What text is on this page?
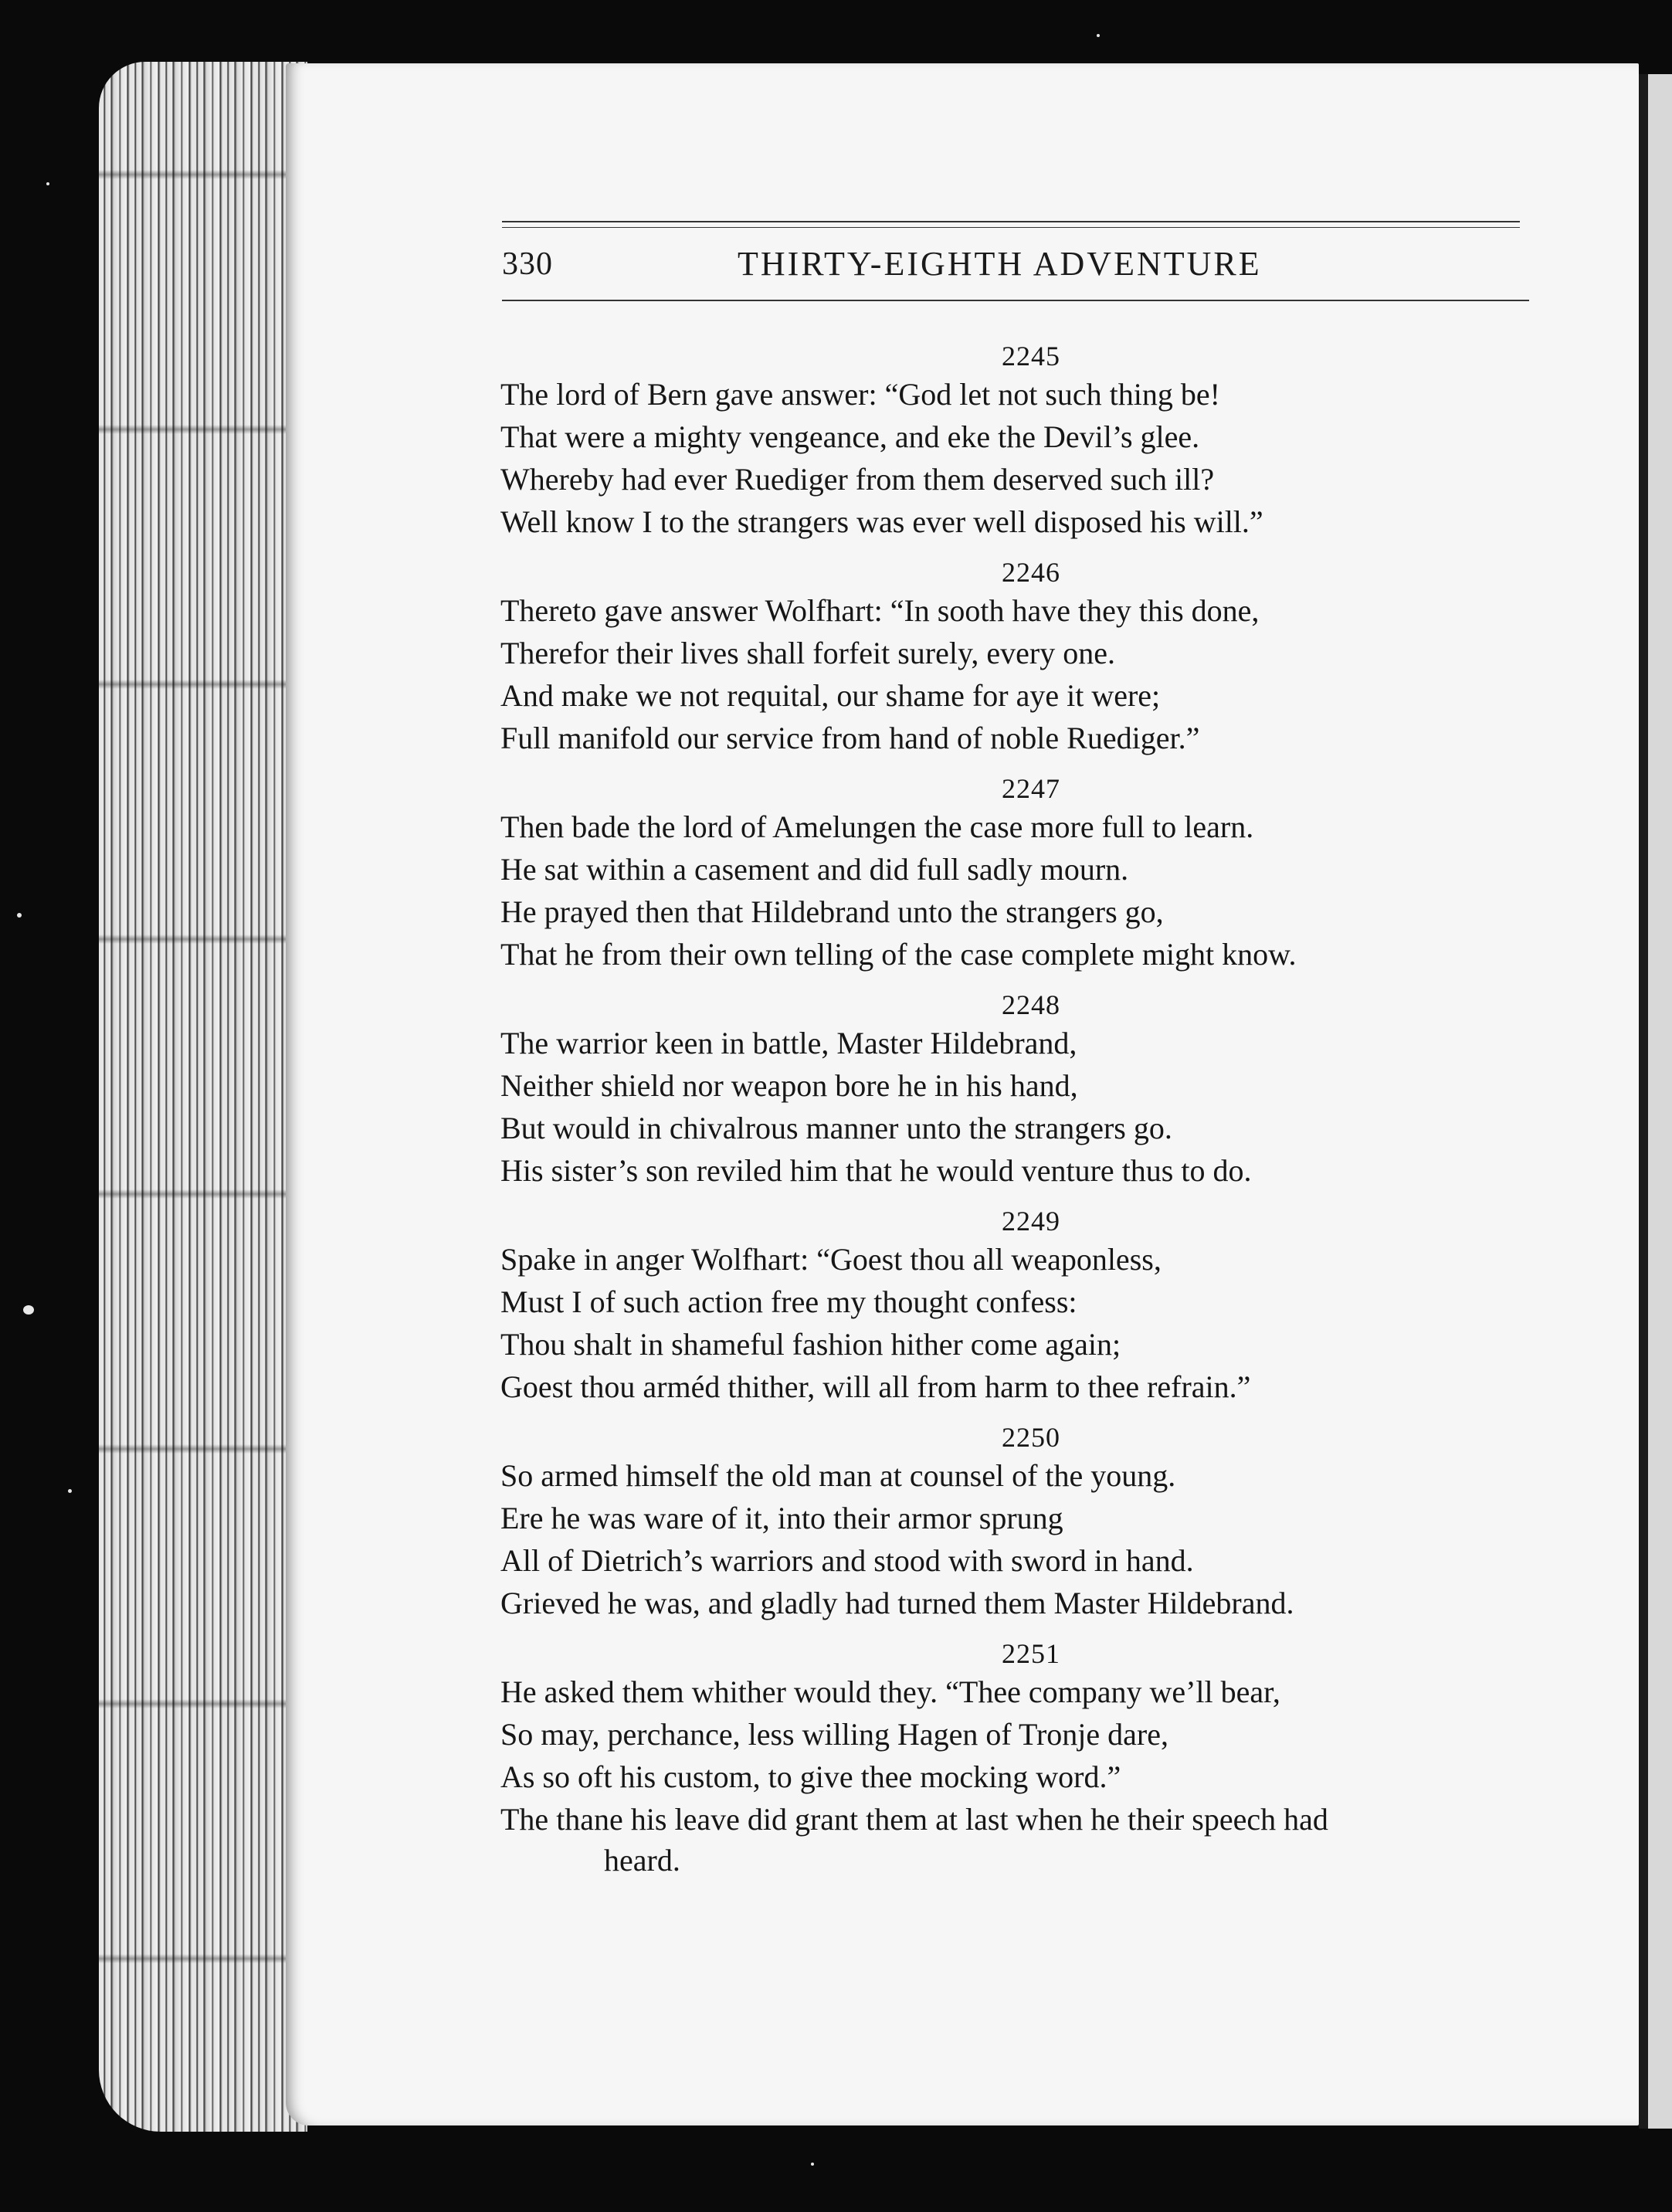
330	THIRTY-EIGHTH ADVENTURE
2245
The lord of Bern gave answer: “God let not such thing be!
That were a mighty vengeance, and eke the Devil’s glee.
Whereby had ever Ruediger from them deserved such ill?
Well know I to the strangers was ever well disposed his will.”
2246
Thereto gave answer Wolfhart: “In sooth have they this done,
Therefor their lives shall forfeit surely, every one.
And make we not requital, our shame for aye it were;
Full manifold our service from hand of noble Ruediger.”
2247
Then bade the lord of Amelungen the case more full to learn.
He sat within a casement and did full sadly mourn.
He prayed then that Hildebrand unto the strangers go,
That he from their own telling of the case complete might know.
2248
The warrior keen in battle, Master Hildebrand,
Neither shield nor weapon bore he in his hand,
But would in chivalrous manner unto the strangers go.
His sister’s son reviled him that he would venture thus to do.
2249
Spake in anger Wolfhart: “Goest thou all weaponless,
Must I of such action free my thought confess:
Thou shalt in shameful fashion hither come again;
Goest thou arméd thither, will all from harm to thee refrain.”
2250
So armed himself the old man at counsel of the young.
Ere he was ware of it, into their armor sprung
All of Dietrich’s warriors and stood with sword in hand.
Grieved he was, and gladly had turned them Master Hildebrand.
2251
He asked them whither would they. “Thee company we’ll bear,
So may, perchance, less willing Hagen of Tronje dare,
As so oft his custom, to give thee mocking word.”
The thane his leave did grant them at last when he their speech had
heard.
